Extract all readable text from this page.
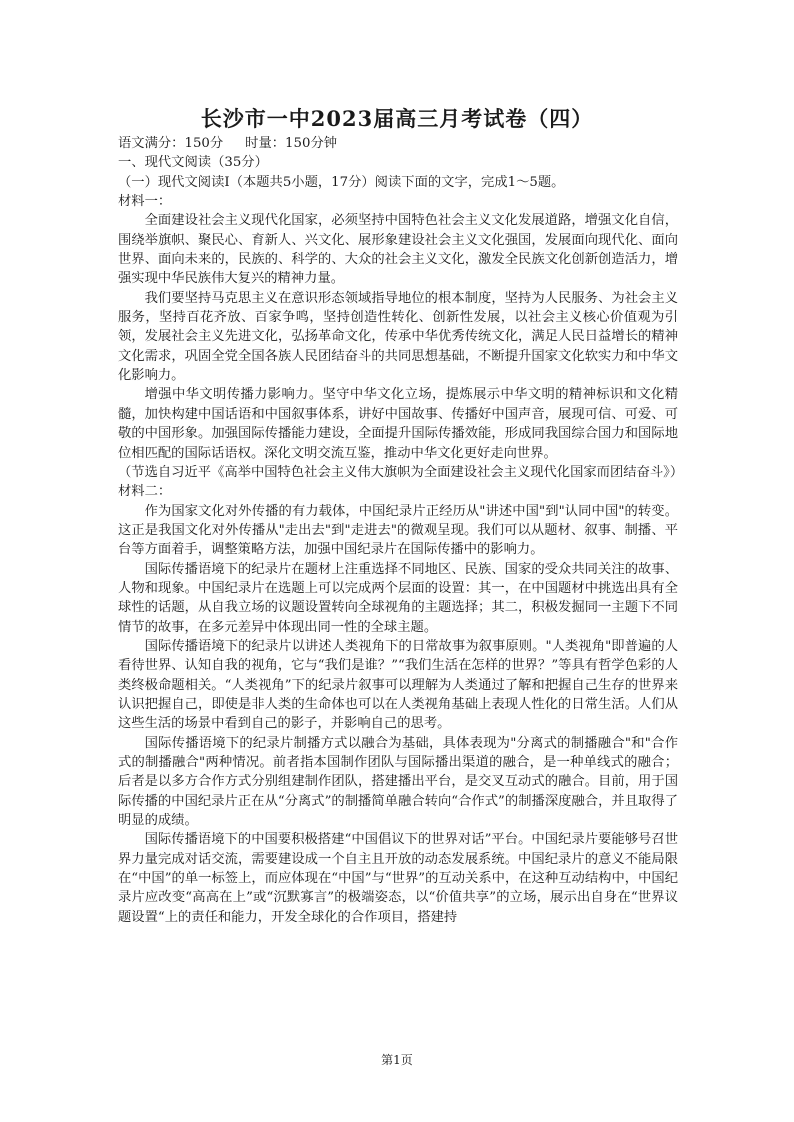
长沙市一中2023届高三月考试卷（四）

语文满分：150分 时量：150分钟

一、现代文阅读（35分）

（一）现代文阅读Ⅰ（本题共5小题，17分）阅读下面的文字，完成1～5题。

材料一：

全面建设社会主义现代化国家，必须坚持中国特色社会主义文化发展道路，增强文化自信，围绕举旗帜、聚民心、育新人、兴文化、展形象建设社会主义文化强国，发展面向现代化、面向世界、面向未来的，民族的、科学的、大众的社会主义文化，激发全民族文化创新创造活力，增强实现中华民族伟大复兴的精神力量。

我们要坚持马克思主义在意识形态领域指导地位的根本制度，坚持为人民服务、为社会主义服务，坚持百花齐放、百家争鸣，坚持创造性转化、创新性发展，以社会主义核心价值观为引领，发展社会主义先进文化，弘扬革命文化，传承中华优秀传统文化，满足人民日益增长的精神文化需求，巩固全党全国各族人民团结奋斗的共同思想基础，不断提升国家文化软实力和中华文化影响力。

增强中华文明传播力影响力。坚守中华文化立场，提炼展示中华文明的精神标识和文化精髓，加快构建中国话语和中国叙事体系，讲好中国故事、传播好中国声音，展现可信、可爱、可敬的中国形象。加强国际传播能力建设，全面提升国际传播效能，形成同我国综合国力和国际地位相匹配的国际话语权。深化文明交流互鉴，推动中华文化更好走向世界。

（节选自习近平《高举中国特色社会主义伟大旗帜为全面建设社会主义现代化国家而团结奋斗》）

材料二：

作为国家文化对外传播的有力载体，中国纪录片正经历从"讲述中国"到"认同中国"的转变。这正是我国文化对外传播从"走出去"到"走进去"的微观呈现。我们可以从题材、叙事、制播、平台等方面着手，调整策略方法，加强中国纪录片在国际传播中的影响力。

国际传播语境下的纪录片在题材上注重选择不同地区、民族、国家的受众共同关注的故事、人物和现象。中国纪录片在选题上可以完成两个层面的设置：其一，在中国题材中挑选出具有全球性的话题，从自我立场的议题设置转向全球视角的主题选择；其二，积极发掘同一主题下不同情节的故事，在多元差异中体现出同一性的全球主题。

国际传播语境下的纪录片以讲述人类视角下的日常故事为叙事原则。"人类视角"即普遍的人看待世界、认知自我的视角，它与“我们是谁？”“我们生活在怎样的世界？”等具有哲学色彩的人类终极命题相关。“人类视角”下的纪录片叙事可以理解为人类通过了解和把握自己生存的世界来认识把握自己，即使是非人类的生命体也可以在人类视角基础上表现人性化的日常生活。人们从这些生活的场景中看到自己的影子，并影响自己的思考。

国际传播语境下的纪录片制播方式以融合为基础，具体表现为"分离式的制播融合"和"合作式的制播融合"两种情况。前者指本国制作团队与国际播出渠道的融合，是一种单线式的融合；后者是以多方合作方式分别组建制作团队，搭建播出平台，是交叉互动式的融合。目前，用于国际传播的中国纪录片正在从“分离式”的制播简单融合转向“合作式”的制播深度融合，并且取得了明显的成绩。

国际传播语境下的中国要积极搭建“中国倡议下的世界对话”平台。中国纪录片要能够号召世界力量完成对话交流，需要建设成一个自主且开放的动态发展系统。中国纪录片的意义不能局限在“中国”的单一标签上，而应体现在“中国”与“世界”的互动关系中，在这种互动结构中，中国纪录片应改变“高高在上”或“沉默寡言”的极端姿态，以“价值共享”的立场，展示出自身在“世界议题设置“上的责任和能力，开发全球化的合作项目，搭建持

第1页
